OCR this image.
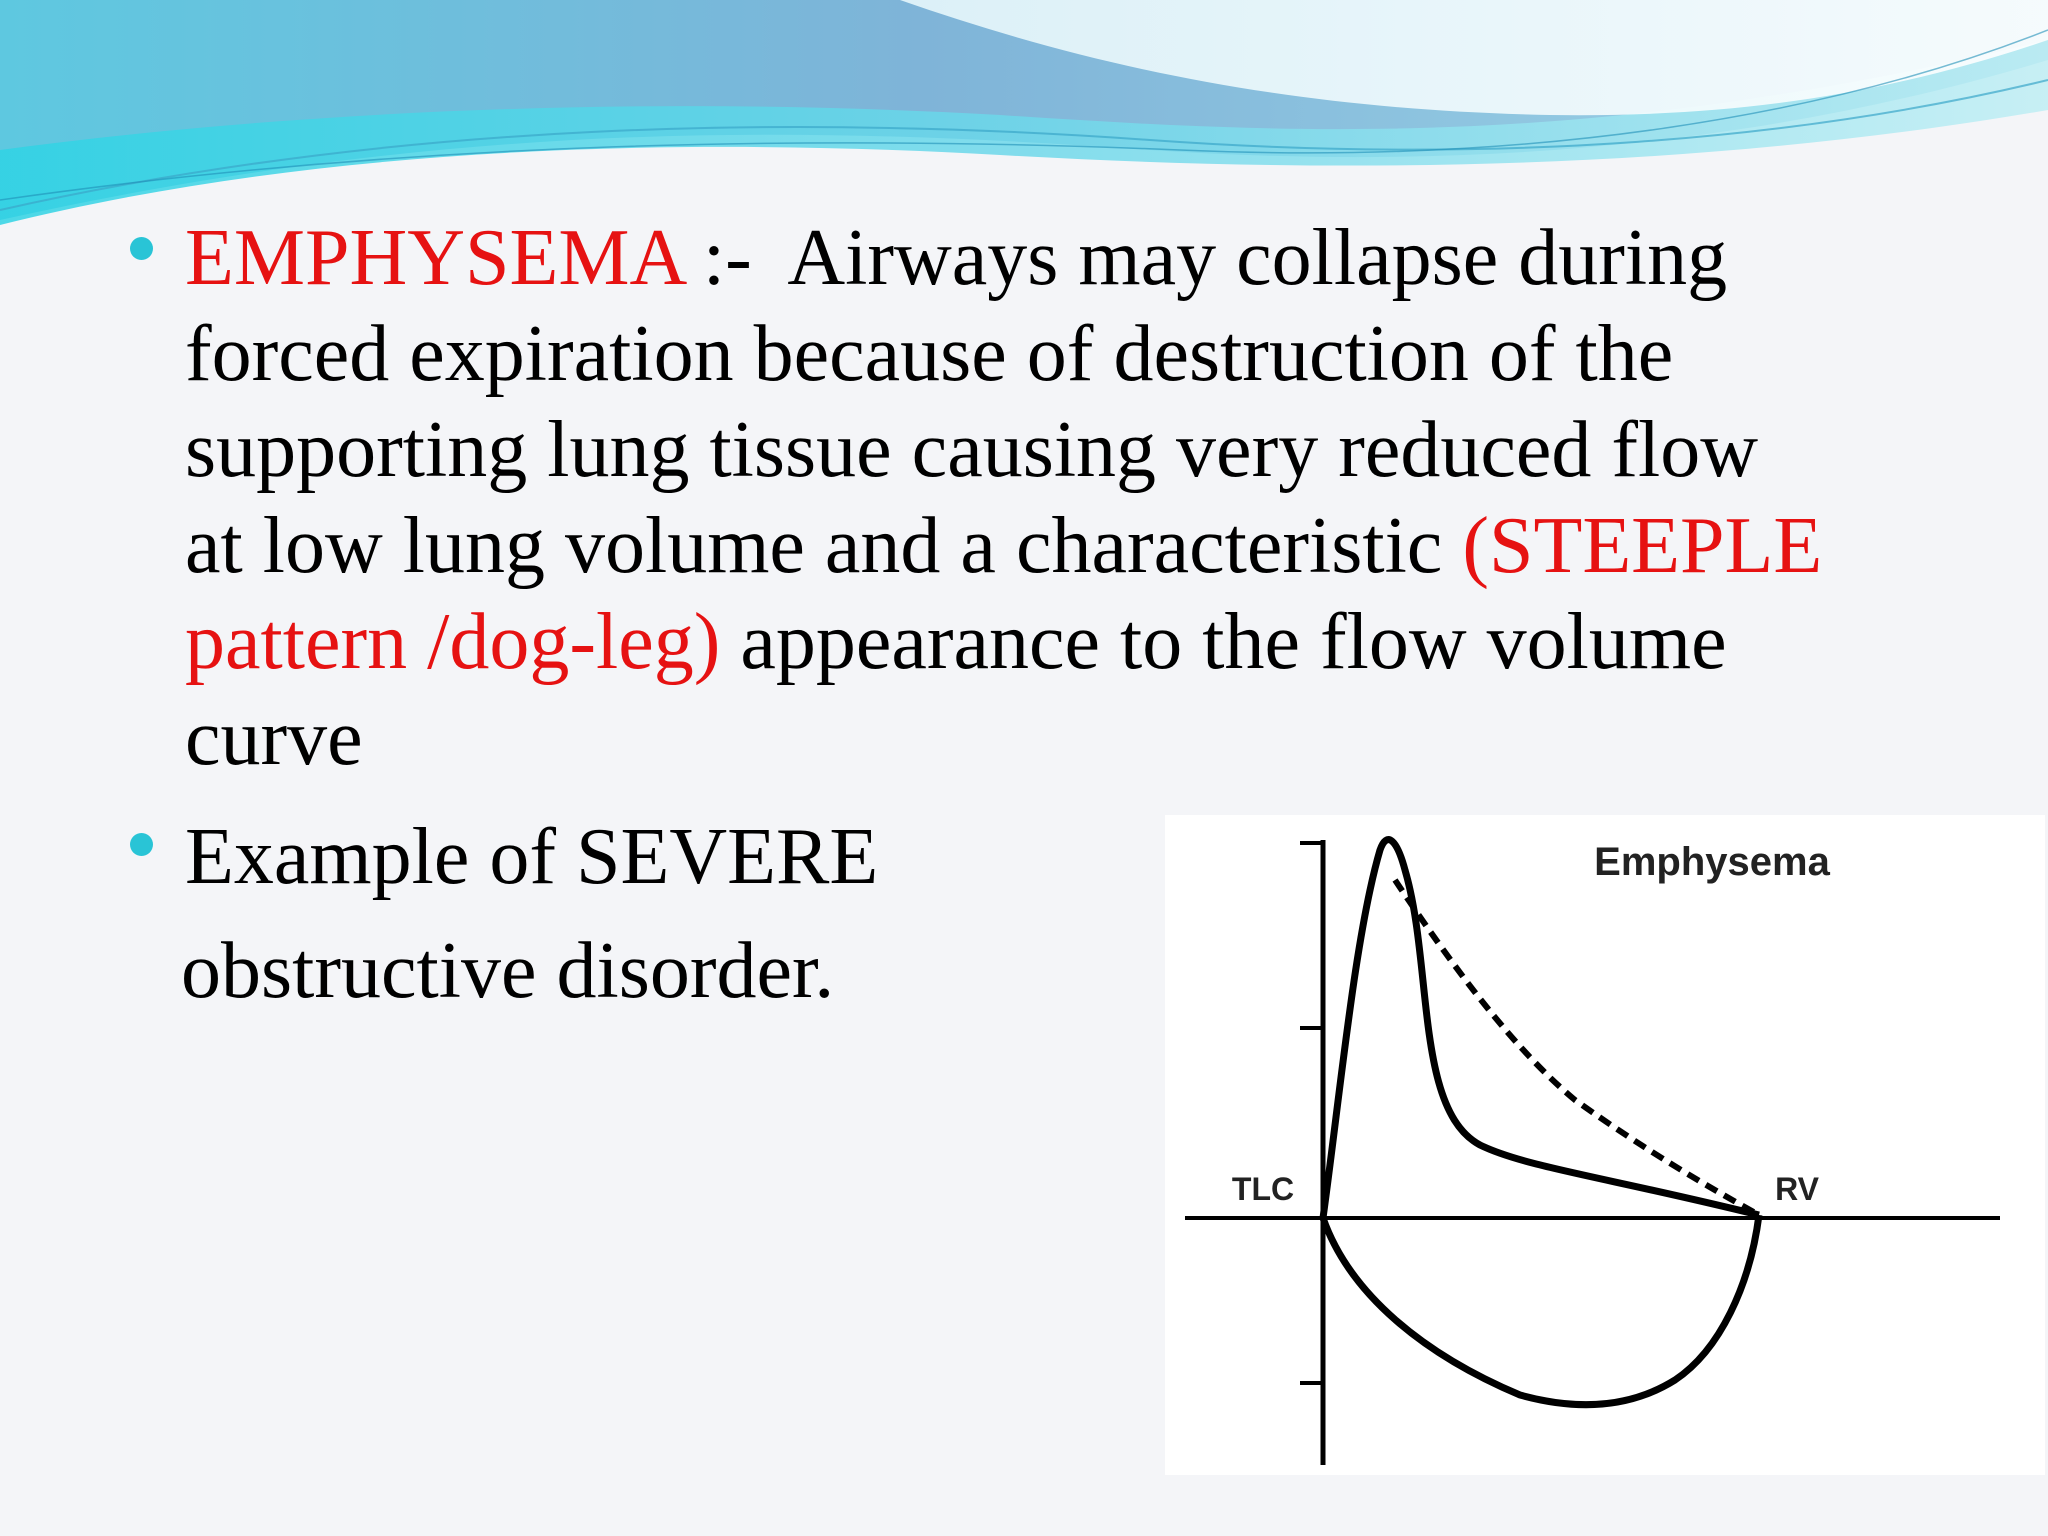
EMPHYSEMA :-  Airways may collapse during
forced expiration because of destruction of the
supporting lung tissue causing very reduced flow
at low lung volume and a characteristic (STEEPLE
pattern /dog-leg) appearance to the flow volume
curve
Example of SEVERE
obstructive disorder.
Emphysema
TLC	RV
